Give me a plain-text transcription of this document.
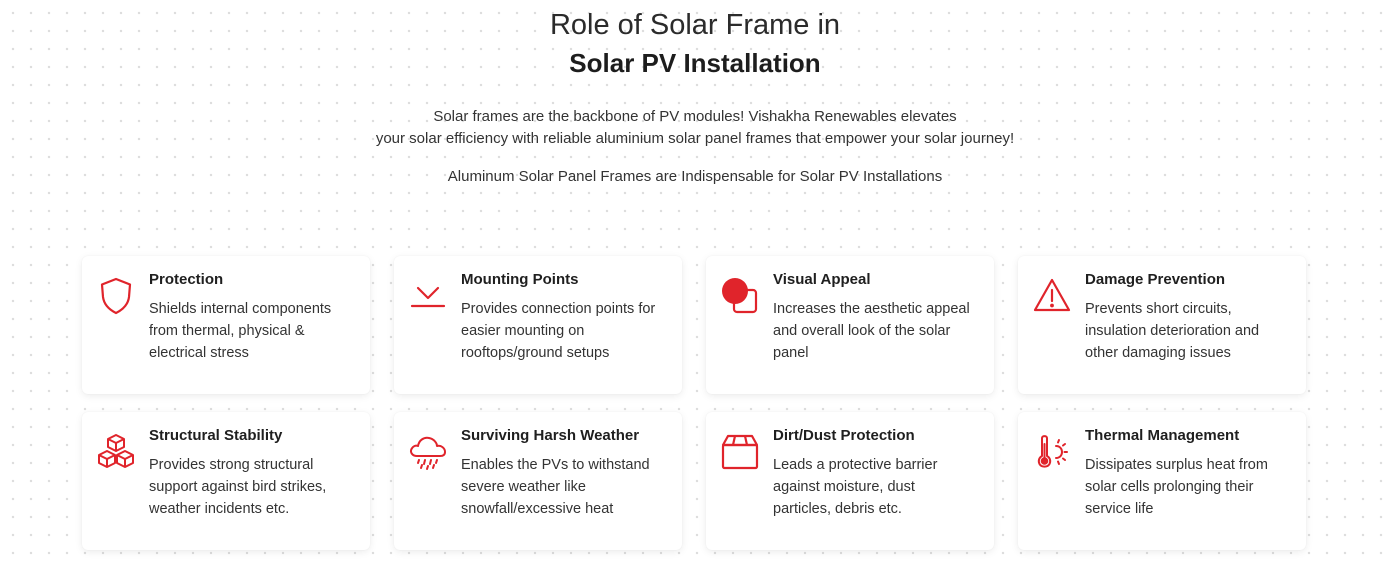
Role of Solar Frame in
Solar PV Installation
Solar frames are the backbone of PV modules! Vishakha Renewables elevates
your solar efficiency with reliable aluminium solar panel frames that empower your solar journey!
Aluminum Solar Panel Frames are Indispensable for Solar PV Installations
Protection
Shields internal components
from thermal, physical &
electrical stress
Mounting Points
Provides connection points for
easier mounting on
rooftops/ground setups
Visual Appeal
Increases the aesthetic appeal
and overall look of the solar
panel
Damage Prevention
Prevents short circuits,
insulation deterioration and
other damaging issues
Structural Stability
Provides strong structural
support against bird strikes,
weather incidents etc.
Surviving Harsh Weather
Enables the PVs to withstand
severe weather like
snowfall/excessive heat
Dirt/Dust Protection
Leads a protective barrier
against moisture, dust
particles, debris etc.
Thermal Management
Dissipates surplus heat from
solar cells prolonging their
service life
